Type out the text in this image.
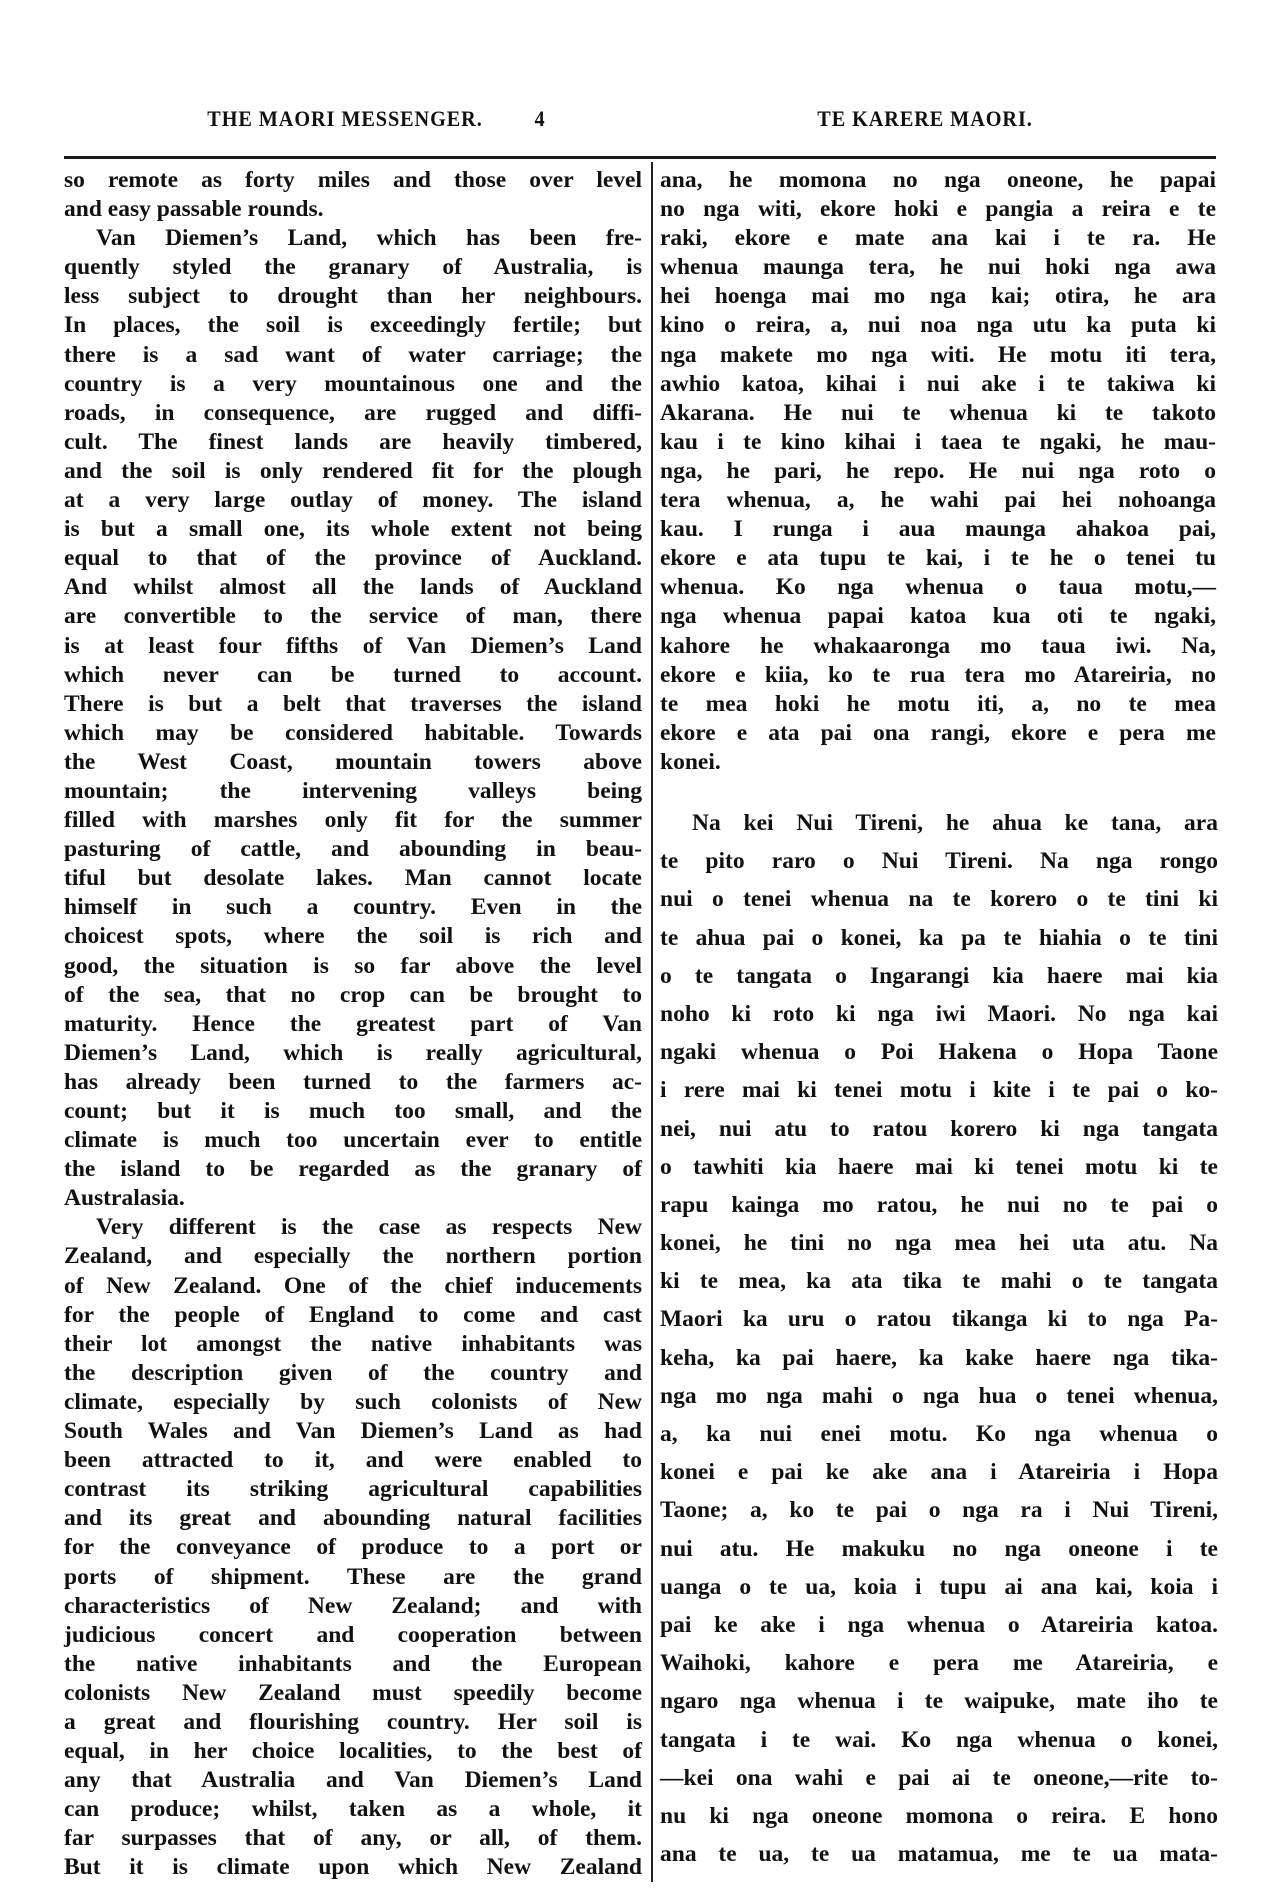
THE MAORI MESSENGER.	4	TE KARERE MAORI.
so remote as forty miles and those over level
and easy passable rounds.
Van Diemen’s Land, which has been fre-
quently styled the granary of Australia, is
less subject to drought than her neighbours.
In places, the soil is exceedingly fertile; but
there is a sad want of water carriage; the
country is a very mountainous one and the
roads, in consequence, are rugged and diffi-
cult. The finest lands are heavily timbered,
and the soil is only rendered fit for the plough
at a very large outlay of money. The island
is but a small one, its whole extent not being
equal to that of the province of Auckland.
And whilst almost all the lands of Auckland
are convertible to the service of man, there
is at least four fifths of Van Diemen’s Land
which never can be turned to account.
There is but a belt that traverses the island
which may be considered habitable. Towards
the West Coast, mountain towers above
mountain; the intervening valleys being
filled with marshes only fit for the summer
pasturing of cattle, and abounding in beau-
tiful but desolate lakes. Man cannot locate
himself in such a country. Even in the
choicest spots, where the soil is rich and
good, the situation is so far above the level
of the sea, that no crop can be brought to
maturity. Hence the greatest part of Van
Diemen’s Land, which is really agricultural,
has already been turned to the farmers ac-
count; but it is much too small, and the
climate is much too uncertain ever to entitle
the island to be regarded as the granary of
Australasia.
Very different is the case as respects New
Zealand, and especially the northern portion
of New Zealand. One of the chief inducements
for the people of England to come and cast
their lot amongst the native inhabitants was
the description given of the country and
climate, especially by such colonists of New
South Wales and Van Diemen’s Land as had
been attracted to it, and were enabled to
contrast its striking agricultural capabilities
and its great and abounding natural facilities
for the conveyance of produce to a port or
ports of shipment. These are the grand
characteristics of New Zealand; and with
judicious concert and cooperation between
the native inhabitants and the European
colonists New Zealand must speedily become
a great and flourishing country. Her soil is
equal, in her choice localities, to the best of
any that Australia and Van Diemen’s Land
can produce; whilst, taken as a whole, it
far surpasses that of any, or all, of them.
But it is climate upon which New Zealand
ana, he momona no nga oneone, he papai
no nga witi, ekore hoki e pangia a reira e te
raki, ekore e mate ana kai i te ra. He
whenua maunga tera, he nui hoki nga awa
hei hoenga mai mo nga kai; otira, he ara
kino o reira, a, nui noa nga utu ka puta ki
nga makete mo nga witi. He motu iti tera,
awhio katoa, kihai i nui ake i te takiwa ki
Akarana. He nui te whenua ki te takoto
kau i te kino kihai i taea te ngaki, he mau-
nga, he pari, he repo. He nui nga roto o
tera whenua, a, he wahi pai hei nohoanga
kau. I runga i aua maunga ahakoa pai,
ekore e ata tupu te kai, i te he o tenei tu
whenua. Ko nga whenua o taua motu,—
nga whenua papai katoa kua oti te ngaki,
kahore he whakaaronga mo taua iwi. Na,
ekore e kiia, ko te rua tera mo Atareiria, no
te mea hoki he motu iti, a, no te mea
ekore e ata pai ona rangi, ekore e pera me
konei.
Na kei Nui Tireni, he ahua ke tana, ara
te pito raro o Nui Tireni. Na nga rongo
nui o tenei whenua na te korero o te tini ki
te ahua pai o konei, ka pa te hiahia o te tini
o te tangata o Ingarangi kia haere mai kia
noho ki roto ki nga iwi Maori. No nga kai
ngaki whenua o Poi Hakena o Hopa Taone
i rere mai ki tenei motu i kite i te pai o ko-
nei, nui atu to ratou korero ki nga tangata
o tawhiti kia haere mai ki tenei motu ki te
rapu kainga mo ratou, he nui no te pai o
konei, he tini no nga mea hei uta atu. Na
ki te mea, ka ata tika te mahi o te tangata
Maori ka uru o ratou tikanga ki to nga Pa-
keha, ka pai haere, ka kake haere nga tika-
nga mo nga mahi o nga hua o tenei whenua,
a, ka nui enei motu. Ko nga whenua o
konei e pai ke ake ana i Atareiria i Hopa
Taone; a, ko te pai o nga ra i Nui Tireni,
nui atu. He makuku no nga oneone i te
uanga o te ua, koia i tupu ai ana kai, koia i
pai ke ake i nga whenua o Atareiria katoa.
Waihoki, kahore e pera me Atareiria, e
ngaro nga whenua i te waipuke, mate iho te
tangata i te wai. Ko nga whenua o konei,
—kei ona wahi e pai ai te oneone,—rite to-
nu ki nga oneone momona o reira. E hono
ana te ua, te ua matamua, me te ua mata-
